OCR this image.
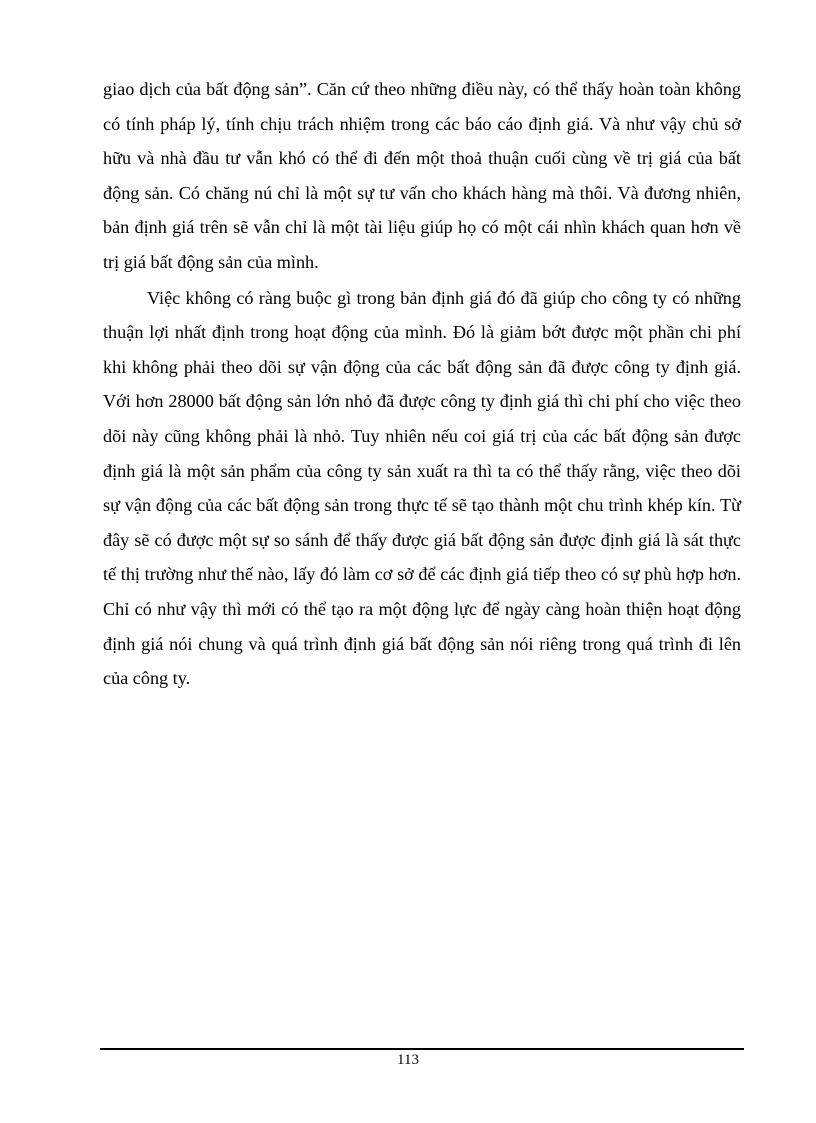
giao dịch của bất động sản”. Căn cứ theo những điều này, có thể thấy hoàn toàn không có tính pháp lý, tính chịu trách nhiệm trong các báo cáo định giá. Và như vậy chủ sở hữu và nhà đầu tư vẫn khó có thể đi đến một thoả thuận cuối cùng về trị giá của bất động sản. Có chăng nú chỉ là một sự tư vấn cho khách hàng mà thôi. Và đương nhiên, bản định giá trên sẽ vẫn chỉ là một tài liệu giúp họ có một cái nhìn khách quan hơn về trị giá bất động sản của mình.

Việc không có ràng buộc gì trong bản định giá đó đã giúp cho công ty có những thuận lợi nhất định trong hoạt động của mình. Đó là giảm bớt được một phần chi phí khi không phải theo dõi sự vận động của các bất động sản đã được công ty định giá. Với hơn 28000 bất động sản lớn nhỏ đã được công ty định giá thì chi phí cho việc theo dõi này cũng không phải là nhỏ. Tuy nhiên nếu coi giá trị của các bất động sản được định giá là một sản phẩm của công ty sản xuất ra thì ta có thể thấy rằng, việc theo dõi sự vận động của các bất động sản trong thực tế sẽ tạo thành một chu trình khép kín. Từ đây sẽ có được một sự so sánh để thấy được giá bất động sản được định giá là sát thực tế thị trường như thế nào, lấy đó làm cơ sở để các định giá tiếp theo có sự phù hợp hơn. Chỉ có như vậy thì mới có thể tạo ra một động lực để ngày càng hoàn thiện hoạt động định giá nói chung và quá trình định giá bất động sản nói riêng trong quá trình đi lên của công ty.

113
